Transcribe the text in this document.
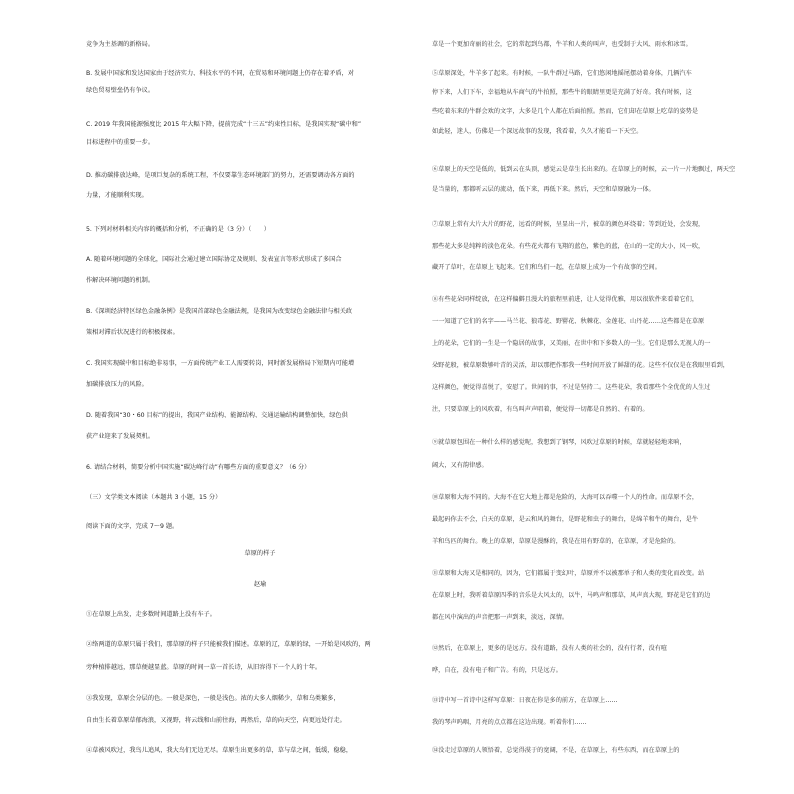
竞争为主基调的新格局。
B. 发展中国家和发达国家由于经济实力、科技水平的不同，在贸易和环境问题上仍存在着矛盾，对
绿色贸易壁垒仍有争议。
C. 2019 年我国能源强度比 2015 年大幅下降，提前完成“十三五”约束性目标，是我国实现“碳中和”
目标进程中的重要一步。
D. 推动碳排放达峰，是项巨复杂的系统工程，不仅要靠生态环境部门的努力，还需要调动各方面的
力量，才能顺利实现。
5. 下列对材料相关内容的概括和分析，不正确的是（3 分）（　　）
A. 随着环境问题的全球化，国际社会通过建立国际协定及规则、发表宣言等形式形成了多国合
作解决环境问题的机制。
B.《深圳经济特区绿色金融条例》是我国首部绿色金融法规，是我国为改变绿色金融法律与相关政
策相对滞后状况进行的积极探索。
C. 我国实现碳中和目标绝非易事，一方面传统产业工人需要转岗，同时新发展格局下短期内可能增
加碳排放压力的风险。
D. 随着我国“30・60 目标”的提出，我国产业结构、能源结构、交通运输结构调整加快，绿色供
获产业迎来了发展契机。
6. 请结合材料，简要分析中国实施“碳达峰行动”有哪些方面的重要意义？（6 分）
（三）文学类文本阅读（本题共 3 小题，15 分）
阅读下面的文字，完成 7～9 题。
草原的样子
赵瑜
①在草原上出发，走多数时间道路上没有车子。
②络两道的草原只属于我们，那草原的样子只能被我们描述。草原的辽，草原的绿，一开始是风吹的，两
旁种植排越远，那草便越显蓝。草原的时间一草一首长诗，从旧容得下一个人的十年。
③我发现，草原会分层的色。一般是深色，一般是浅色。浓的大多人烟稀少，草和乌类繁多，
自由生长着草原草郁海浪，又视野，将云线和山前往海，再然后，草的向天空，向更远处行走。
④草被风吹过，我鸟儿追风，我大鸟们无边无尽。草原生出更多的草，草与草之间，低缓，稳稳，
草是一个更加奇丽的社会，它的常起到鸟都，牛羊和人类的叫声，也受制于大风、雨水和冰雪。
⑤草原深处，牛羊多了起来。有时候，一队牛群过马路，它们悠闲地摇尾摆动着身体，几辆汽车
停下来，人们下车，幸福地从车商气的牛拍照，那些牛的眼睛里更是充满了好奇。我有时候，这
些吃着东来的牛群会欢的文字，大多是几个人都在后面拍照。然而，它们却在草原上吃草的姿势是
如此轻，迷人，仿佛是一个深远故事的发现，我看着，久久才能看一下天空。
⑥草原上的天空是低的，低到云在头顶，感觉云是草生长出来的。在草原上的时候，云一片一片地飘过，两天空
是当量的，那都听云层的流动，低下来，再低下来。然后，天空和草原融为一体。
⑦草原上常有大片大片的野花，远看的时候，呈显出一片，被草的颜色环绕着；等到近处，会发现，
那些花大多是纯粹的淡色花朵。有些花火都有飞翔的蓝色，紫色的蓝，在山的一定的大小，风一吹，
藏开了草叶，在草原上飞起来。它们和鸟们一起，在草原上成为一个有故事的空间。
⑧有些花朵同样绽放，在这样偏僻且漫大的旅程里前进，让人觉得优雅，用以很软件来看着它们，
一一知道了它们的名字——马兰花、狼毒花、野罂花、秋棘花、金莲花、山丹花……这些都是在草原
上的花朵，它们的一生是一个隐居的故事，又美丽，在世中和下多数人的一生。它们是那么无视人的一
朵野花般，被草原数够叶青的灵活，却以那把作那我一些时间开放了鲜甜的花。这些不仅仅是在我眼里看到，
这样颜色，便觉得喜悦了，安慰了。世间的事，不过是坚持二。这些花朵，我看那些个全优优的人生过
注，只要草原上的风吹着，有鸟叫声声唱着，便觉得一切都是自然的、有着的。
⑨就草原包围在一种什么样的感觉呢，我想到了钢琴，风吹过草原的时候，草就轻轻地来响，
阔大，又有韵律感。
⑩草原和大海不同的。大海不在它大地上都是危险的，大海可以吞噬一个人的性命。而草原不会，
最起码你去不会，白天的草原，是云和风的舞台，是野花和虫子的舞台，是绵羊和牛的舞台，是牛
羊和鸟匹的舞台。晚上的草原，草原是漫酥的，我是在用有野草的，在草原，才是危险的。
⑪草原和大海又是相同的，因为，它们都属于变幻叶，草原并不以被那单子和人类的变化而改变。站
在草原上时，我听着草原四季的音乐是大风太的，以牛，马鸣声和那草，风声真大现，野花是它们的边
都在风中演出的声音把那一声到来，淡远，深情。
⑫然后，在草原上，更多的是远方。没有道路，没有人类的社会的，没有行者，没有喧
哗，自在，没有电子和广告。有的，只是远方。
⑬诗中写一首诗中这样写草原：日夜在你是多的前方，在草原上……
我的琴声呜咽，月亮的点点都在这边出现。听着你们……
⑭没走过草原的人领悟着，总觉得漠于的宽阔，不是，在草原上，有些东西，而在草原上的
